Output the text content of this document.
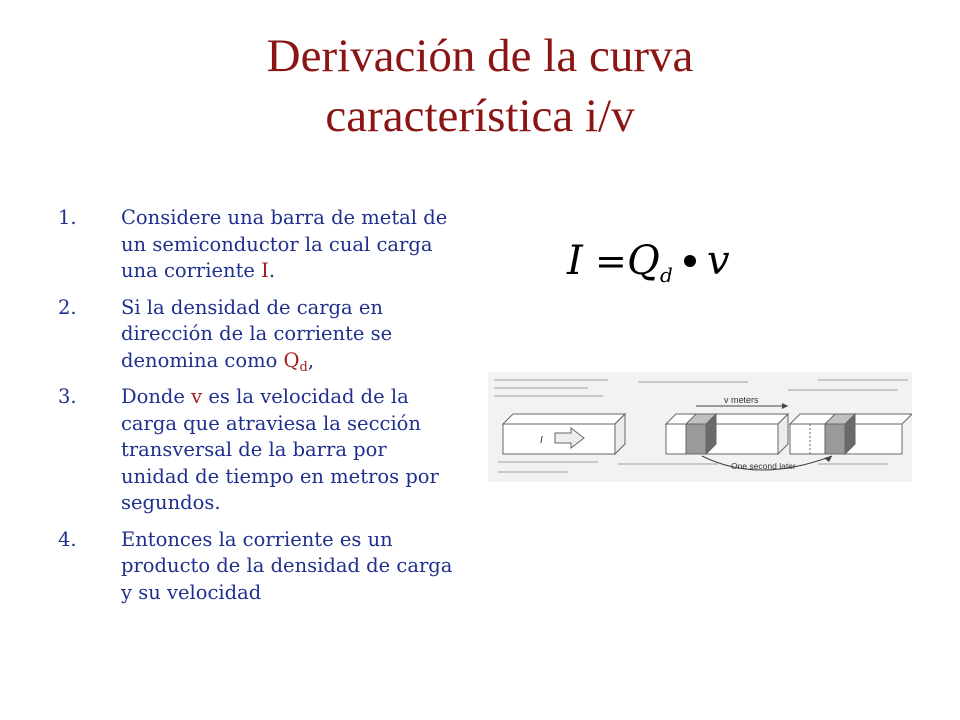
Derivación de la curva
característica i/v
1. Considere una barra de metal de un semiconductor la cual carga una corriente I.
2. Si la densidad de carga en dirección de la corriente se denomina como $Q_d$,
3. Donde v es la velocidad de la carga que atraviesa la sección transversal de la barra por unidad de tiempo en metros por segundos.
4. Entonces la corriente es un producto de la densidad de carga y su velocidad
I = Q d v
I
v meters
One second later
